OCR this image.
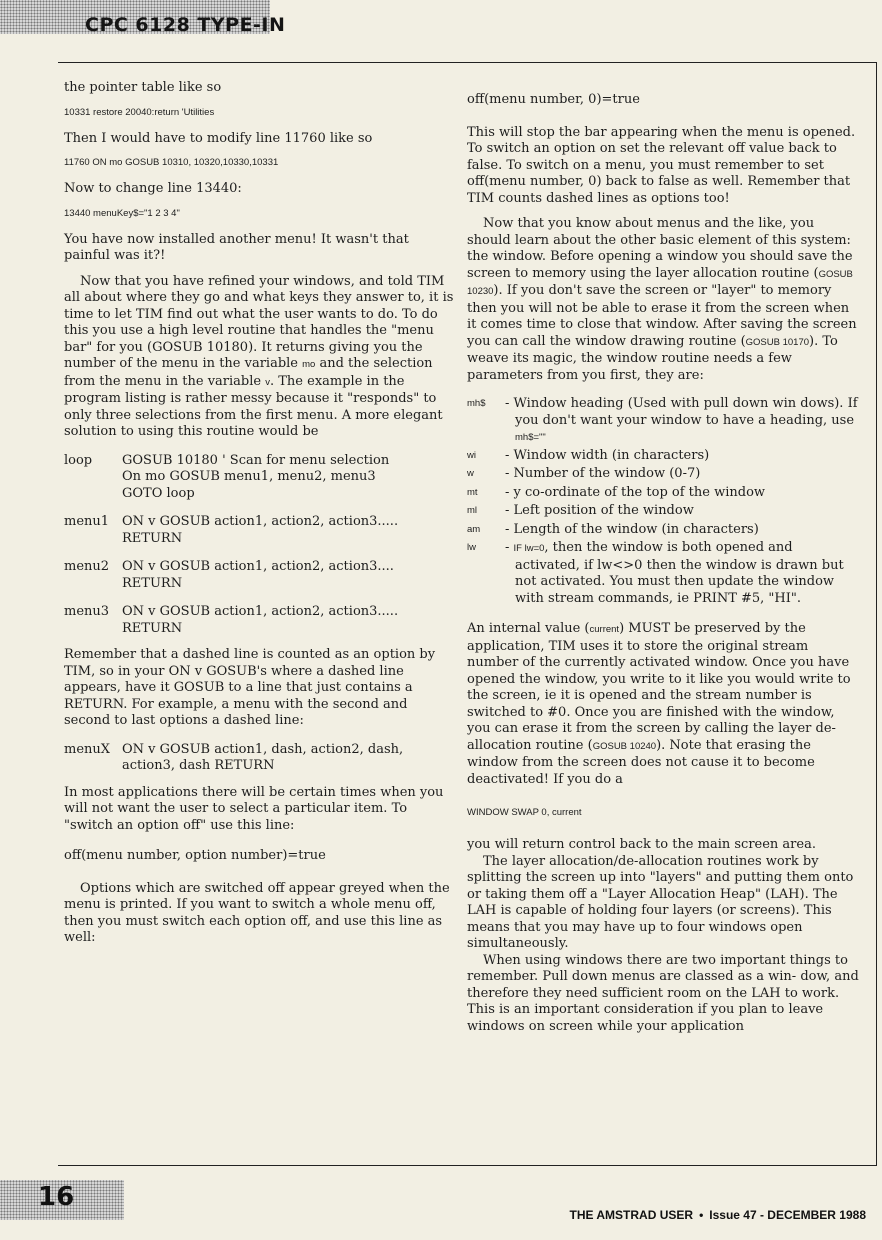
CPC 6128 TYPE-IN

the pointer table like so

10331 restore 20040:return 'Utilities

Then I would have to modify line 11760 like so

11760 ON mo GOSUB 10310, 10320,10330,10331

Now to change line 13440:

13440 menuKey$="1 2 3 4"

You have now installed another menu! It wasn't that painful was it?!

Now that you have refined your windows, and told TIM all about where they go and what keys they answer to, it is time to let TIM find out what the user wants to do. To do this you use a high level routine that handles the "menu bar" for you (GOSUB 10180). It returns giving you the number of the menu in the variable mo and the selection from the menu in the variable v. The example in the program listing is rather messy because it "responds" to only three selections from the first menu. A more elegant solution to using this routine would be

loop	GOSUB 10180 ' Scan for menu selection
On mo GOSUB menu1, menu2, menu3
GOTO loop
menu1 ON v GOSUB action1, action2, action3.....
RETURN
menu2 ON v GOSUB action1, action2, action3....
RETURN
menu3 ON v GOSUB action1, action2, action3.....
RETURN

Remember that a dashed line is counted as an option by TIM, so in your ON v GOSUB's where a dashed line appears, have it GOSUB to a line that just contains a RETURN. For example, a menu with the second and second to last options a dashed line:

menuX ON v GOSUB action1, dash, action2, dash,
action3, dash RETURN

In most applications there will be certain times when you will not want the user to select a particular item. To "switch an option off" use this line:

off(menu number, option number)=true

Options which are switched off appear greyed when the menu is printed. If you want to switch a whole menu off, then you must switch each option off, and use this line as well:

off(menu number, 0)=true

This will stop the bar appearing when the menu is opened. To switch an option on set the relevant off value back to false. To switch on a menu, you must remember to set off(menu number, 0) back to false as well. Remember that TIM counts dashed lines as options too!

Now that you know about menus and the like, you should learn about the other basic element of this system: the window. Before opening a window you should save the screen to memory using the layer allocation routine (GOSUB 10230). If you don't save the screen or "layer" to memory then you will not be able to erase it from the screen when it comes time to close that window. After saving the screen you can call the window drawing routine (GOSUB 10170). To weave its magic, the window routine needs a few parameters from you first, they are:

mh$	- Window heading (Used with pull down win dows). If you don't want your window to have a heading, use mh$=""
wi	- Window width (in characters)
w	- Number of the window (0-7)
mt	- y co-ordinate of the top of the window
ml	- Left position of the window
am	- Length of the window (in characters)
lw	- IF lw=0, then the window is both opened and activated, if lw<>0 then the window is drawn but not activated. You must then update the window with stream commands, ie PRINT #5, "HI".

An internal value (current) MUST be preserved by the application, TIM uses it to store the original stream number of the currently activated window. Once you have opened the window, you write to it like you would write to the screen, ie it is opened and the stream number is switched to #0. Once you are finished with the window, you can erase it from the screen by calling the layer de-allocation routine (GOSUB 10240). Note that erasing the window from the screen does not cause it to become deactivated! If you do a

WINDOW SWAP 0, current

you will return control back to the main screen area.

The layer allocation/de-allocation routines work by splitting the screen up into "layers" and putting them onto or taking them off a "Layer Allocation Heap" (LAH). The LAH is capable of holding four layers (or screens). This means that you may have up to four windows open simultaneously.

When using windows there are two important things to remember. Pull down menus are classed as a win- dow, and therefore they need sufficient room on the LAH to work. This is an important consideration if you plan to leave windows on screen while your application

16
THE AMSTRAD USER • Issue 47 - DECEMBER 1988
